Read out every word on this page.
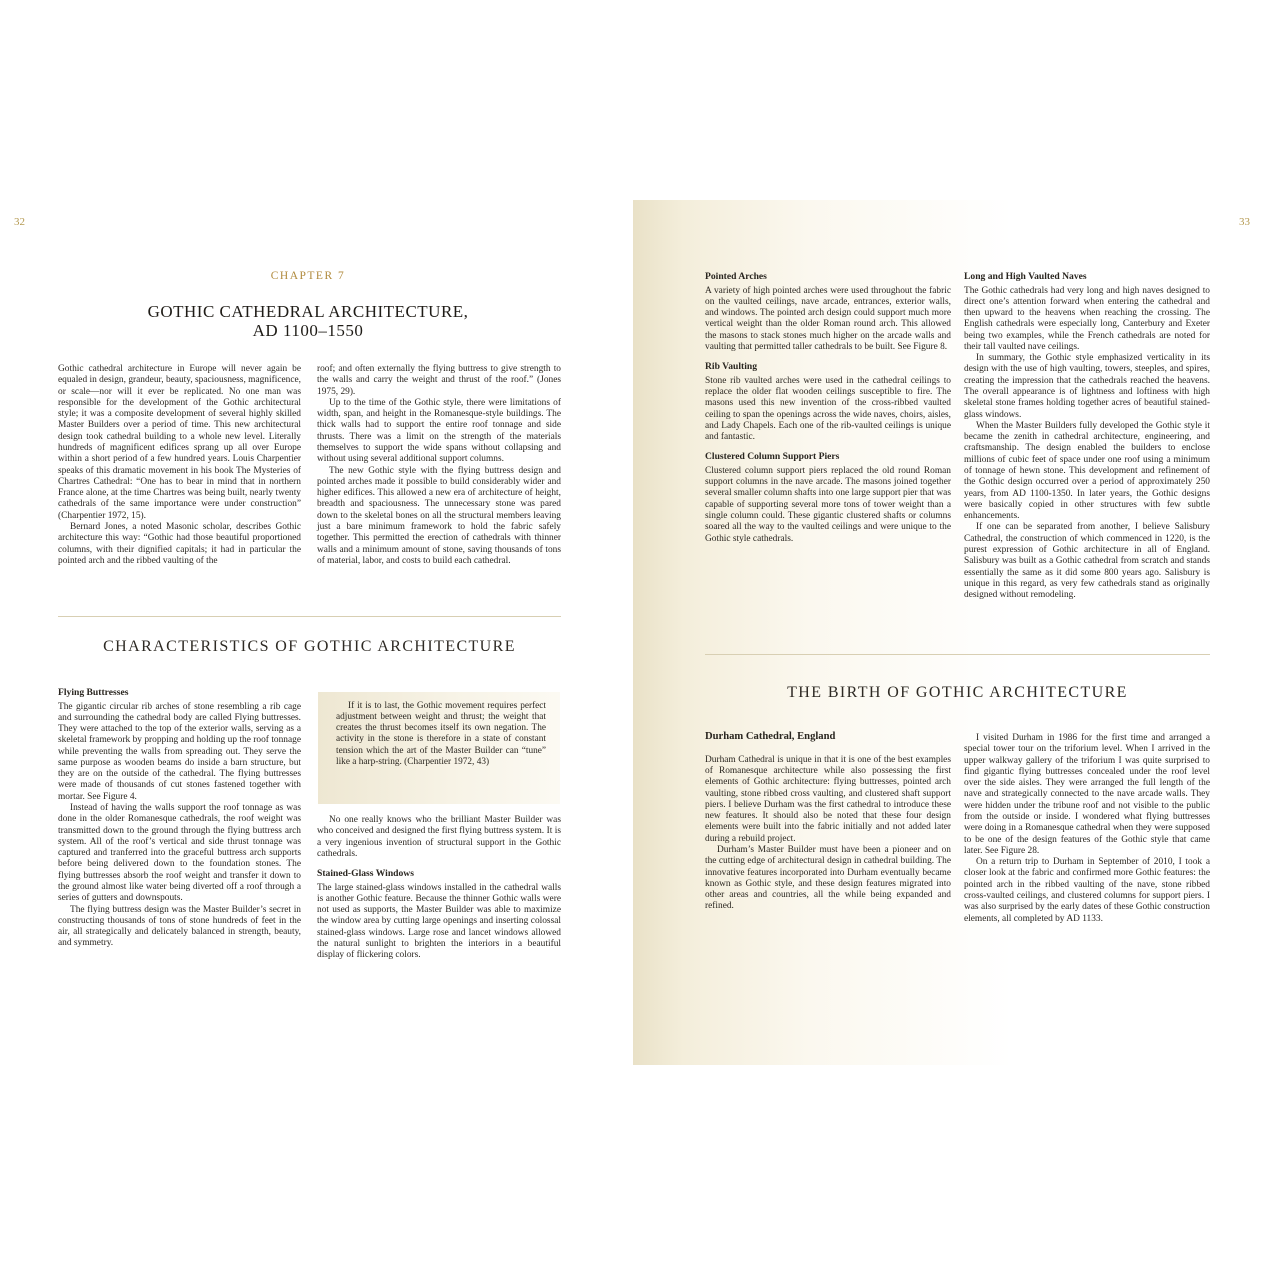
32
CHAPTER 7
GOTHIC CATHEDRAL ARCHITECTURE,
AD 1100–1550

Gothic cathedral architecture in Europe will never again be equaled in design, grandeur, beauty, spaciousness, magnificence, or scale—nor will it ever be replicated. No one man was responsible for the development of the Gothic architectural style; it was a composite development of several highly skilled Master Builders over a period of time. This new architectural design took cathedral building to a whole new level. Literally hundreds of magnificent edifices sprang up all over Europe within a short period of a few hundred years. Louis Charpentier speaks of this dramatic movement in his book The Mysteries of Chartres Cathedral: “One has to bear in mind that in northern France alone, at the time Chartres was being built, nearly twenty cathedrals of the same importance were under construction” (Charpentier 1972, 15).

Bernard Jones, a noted Masonic scholar, describes Gothic architecture this way: “Gothic had those beautiful proportioned columns, with their dignified capitals; it had in particular the pointed arch and the ribbed vaulting of the

roof; and often externally the flying buttress to give strength to the walls and carry the weight and thrust of the roof.” (Jones 1975, 29).

Up to the time of the Gothic style, there were limitations of width, span, and height in the Romanesque-style buildings. The thick walls had to support the entire roof tonnage and side thrusts. There was a limit on the strength of the materials themselves to support the wide spans without collapsing and without using several additional support columns.

The new Gothic style with the flying buttress design and pointed arches made it possible to build considerably wider and higher edifices. This allowed a new era of architecture of height, breadth and spaciousness. The unnecessary stone was pared down to the skeletal bones on all the structural members leaving just a bare minimum framework to hold the fabric safely together. This permitted the erection of cathedrals with thinner walls and a minimum amount of stone, saving thousands of tons of material, labor, and costs to build each cathedral.

CHARACTERISTICS OF GOTHIC ARCHITECTURE
Flying Buttresses

The gigantic circular rib arches of stone resembling a rib cage and surrounding the cathedral body are called Flying buttresses. They were attached to the top of the exterior walls, serving as a skeletal framework by propping and holding up the roof tonnage while preventing the walls from spreading out. They serve the same purpose as wooden beams do inside a barn structure, but they are on the outside of the cathedral. The flying buttresses were made of thousands of cut stones fastened together with mortar. See Figure 4.

Instead of having the walls support the roof tonnage as was done in the older Romanesque cathedrals, the roof weight was transmitted down to the ground through the flying buttress arch system. All of the roof’s vertical and side thrust tonnage was captured and tranferred into the graceful buttress arch supports before being delivered down to the foundation stones. The flying buttresses absorb the roof weight and transfer it down to the ground almost like water being diverted off a roof through a series of gutters and downspouts.

The flying buttress design was the Master Builder’s secret in constructing thousands of tons of stone hundreds of feet in the air, all strategically and delicately balanced in strength, beauty, and symmetry.

If it is to last, the Gothic movement requires perfect adjustment between weight and thrust; the weight that creates the thrust becomes itself its own negation. The activity in the stone is therefore in a state of constant tension which the art of the Master Builder can “tune” like a harp-string. (Charpentier 1972, 43)

No one really knows who the brilliant Master Builder was who conceived and designed the first flying buttress system. It is a very ingenious invention of structural support in the Gothic cathedrals.

Stained-Glass Windows

The large stained-glass windows installed in the cathedral walls is another Gothic feature. Because the thinner Gothic walls were not used as supports, the Master Builder was able to maximize the window area by cutting large openings and inserting colossal stained-glass windows. Large rose and lancet windows allowed the natural sunlight to brighten the interiors in a beautiful display of flickering colors.

33
Pointed Arches

A variety of high pointed arches were used throughout the fabric on the vaulted ceilings, nave arcade, entrances, exterior walls, and windows. The pointed arch design could support much more vertical weight than the older Roman round arch. This allowed the masons to stack stones much higher on the arcade walls and vaulting that permitted taller cathedrals to be built. See Figure 8.

Rib Vaulting

Stone rib vaulted arches were used in the cathedral ceilings to replace the older flat wooden ceilings susceptible to fire. The masons used this new invention of the cross-ribbed vaulted ceiling to span the openings across the wide naves, choirs, aisles, and Lady Chapels. Each one of the rib-vaulted ceilings is unique and fantastic.

Clustered Column Support Piers

Clustered column support piers replaced the old round Roman support columns in the nave arcade. The masons joined together several smaller column shafts into one large support pier that was capable of supporting several more tons of tower weight than a single column could. These gigantic clustered shafts or columns soared all the way to the vaulted ceilings and were unique to the Gothic style cathedrals.

Long and High Vaulted Naves

The Gothic cathedrals had very long and high naves designed to direct one’s attention forward when entering the cathedral and then upward to the heavens when reaching the crossing. The English cathedrals were especially long, Canterbury and Exeter being two examples, while the French cathedrals are noted for their tall vaulted nave ceilings.

In summary, the Gothic style emphasized verticality in its design with the use of high vaulting, towers, steeples, and spires, creating the impression that the cathedrals reached the heavens. The overall appearance is of lightness and loftiness with high skeletal stone frames holding together acres of beautiful stained-glass windows.

When the Master Builders fully developed the Gothic style it became the zenith in cathedral architecture, engineering, and craftsmanship. The design enabled the builders to enclose millions of cubic feet of space under one roof using a minimum of tonnage of hewn stone. This development and refinement of the Gothic design occurred over a period of approximately 250 years, from AD 1100-1350. In later years, the Gothic designs were basically copied in other structures with few subtle enhancements.

If one can be separated from another, I believe Salisbury Cathedral, the construction of which commenced in 1220, is the purest expression of Gothic architecture in all of England. Salisbury was built as a Gothic cathedral from scratch and stands essentially the same as it did some 800 years ago. Salisbury is unique in this regard, as very few cathedrals stand as originally designed without remodeling.

THE BIRTH OF GOTHIC ARCHITECTURE
Durham Cathedral, England

Durham Cathedral is unique in that it is one of the best examples of Romanesque architecture while also possessing the first elements of Gothic architecture: flying buttresses, pointed arch vaulting, stone ribbed cross vaulting, and clustered shaft support piers. I believe Durham was the first cathedral to introduce these new features. It should also be noted that these four design elements were built into the fabric initially and not added later during a rebuild project.

Durham’s Master Builder must have been a pioneer and on the cutting edge of architectural design in cathedral building. The innovative features incorporated into Durham eventually became known as Gothic style, and these design features migrated into other areas and countries, all the while being expanded and refined.

I visited Durham in 1986 for the first time and arranged a special tower tour on the triforium level. When I arrived in the upper walkway gallery of the triforium I was quite surprised to find gigantic flying buttresses concealed under the roof level over the side aisles. They were arranged the full length of the nave and strategically connected to the nave arcade walls. They were hidden under the tribune roof and not visible to the public from the outside or inside. I wondered what flying buttresses were doing in a Romanesque cathedral when they were supposed to be one of the design features of the Gothic style that came later. See Figure 28.

On a return trip to Durham in September of 2010, I took a closer look at the fabric and confirmed more Gothic features: the pointed arch in the ribbed vaulting of the nave, stone ribbed cross-vaulted ceilings, and clustered columns for support piers. I was also surprised by the early dates of these Gothic construction elements, all completed by AD 1133.
